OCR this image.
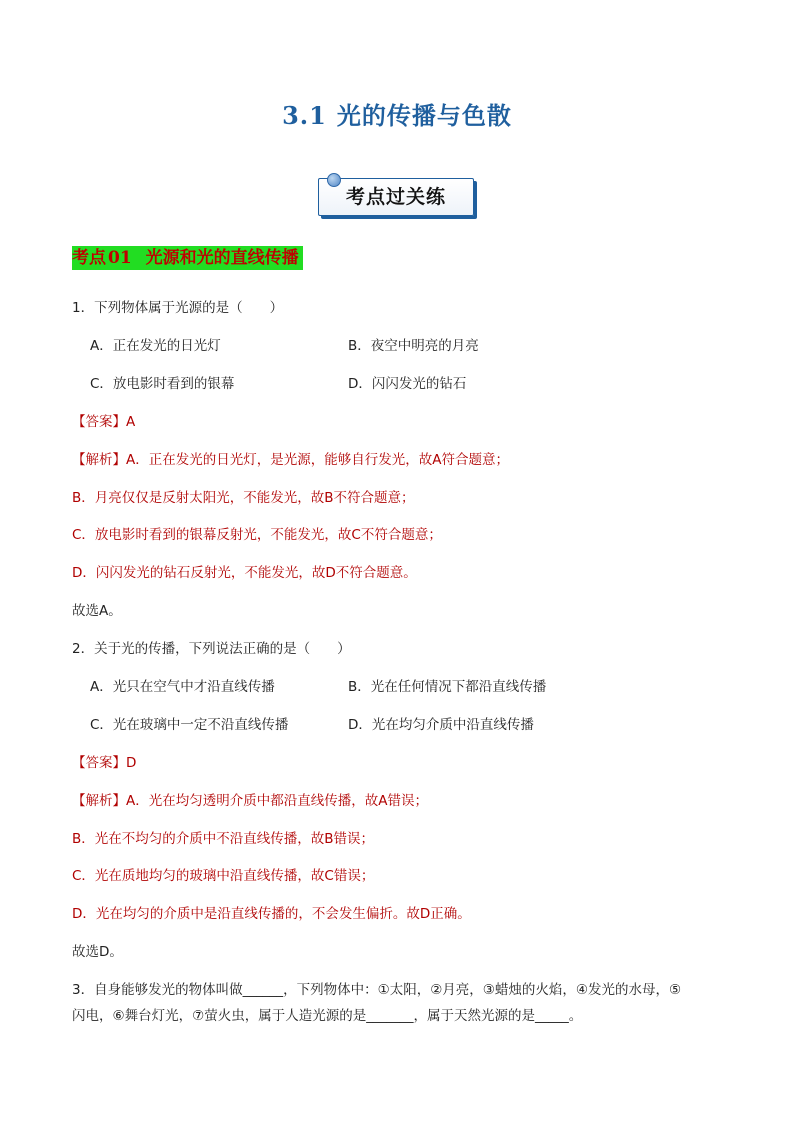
3.1 光的传播与色散
考点过关练
考点 01 光源和光的直线传播
1．下列物体属于光源的是（　　）
A．正在发光的日光灯	B．夜空中明亮的月亮
C．放电影时看到的银幕	D．闪闪发光的钻石
【答案】A
【解析】A．正在发光的日光灯，是光源，能够自行发光，故A符合题意；
B．月亮仅仅是反射太阳光，不能发光，故B不符合题意；
C．放电影时看到的银幕反射光，不能发光，故C不符合题意；
D．闪闪发光的钻石反射光，不能发光，故D不符合题意。
故选A。
2．关于光的传播，下列说法正确的是（　　）
A．光只在空气中才沿直线传播	B．光在任何情况下都沿直线传播
C．光在玻璃中一定不沿直线传播	D．光在均匀介质中沿直线传播
【答案】D
【解析】A．光在均匀透明介质中都沿直线传播，故A错误；
B．光在不均匀的介质中不沿直线传播，故B错误；
C．光在质地均匀的玻璃中沿直线传播，故C错误；
D．光在均匀的介质中是沿直线传播的，不会发生偏折。故D正确。
故选D。
3．自身能够发光的物体叫做______，下列物体中：①太阳，②月亮，③蜡烛的火焰，④发光的水母，⑤
闪电，⑥舞台灯光，⑦萤火虫，属于人造光源的是_______，属于天然光源的是_____。
